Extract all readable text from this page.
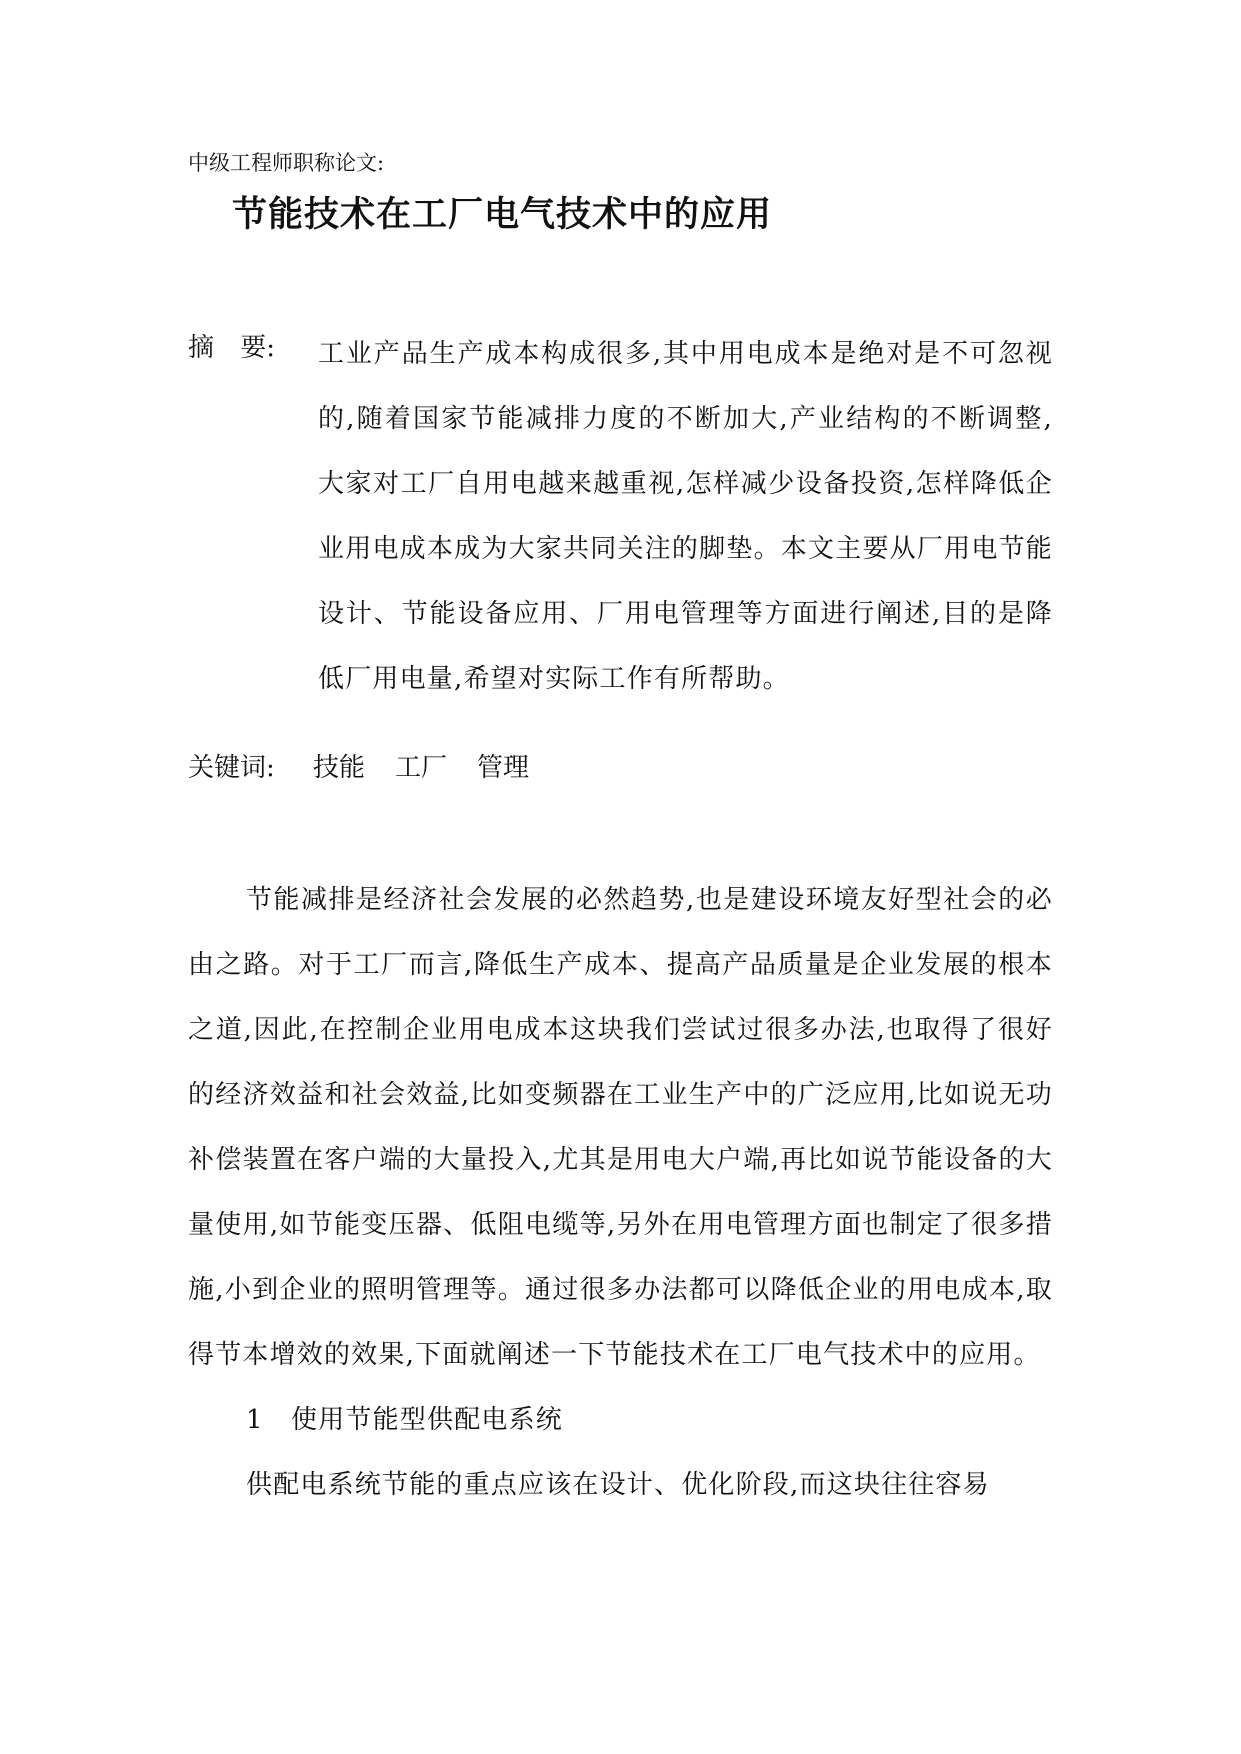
中级工程师职称论文:
节能技术在工厂电气技术中的应用
摘 要: 工业产品生产成本构成很多,其中用电成本是绝对是不可忽视的,随着国家节能减排力度的不断加大,产业结构的不断调整,大家对工厂自用电越来越重视,怎样减少设备投资,怎样降低企业用电成本成为大家共同关注的脚垫。本文主要从厂用电节能设计、节能设备应用、厂用电管理等方面进行阐述,目的是降低厂用电量,希望对实际工作有所帮助。
关键词: 技能 工厂 管理

节能减排是经济社会发展的必然趋势,也是建设环境友好型社会的必由之路。对于工厂而言,降低生产成本、提高产品质量是企业发展的根本之道,因此,在控制企业用电成本这块我们尝试过很多办法,也取得了很好的经济效益和社会效益,比如变频器在工业生产中的广泛应用,比如说无功补偿装置在客户端的大量投入,尤其是用电大户端,再比如说节能设备的大量使用,如节能变压器、低阻电缆等,另外在用电管理方面也制定了很多措施,小到企业的照明管理等。通过很多办法都可以降低企业的用电成本,取得节本增效的效果,下面就阐述一下节能技术在工厂电气技术中的应用。

1 使用节能型供配电系统

供配电系统节能的重点应该在设计、优化阶段,而这块往往容易
